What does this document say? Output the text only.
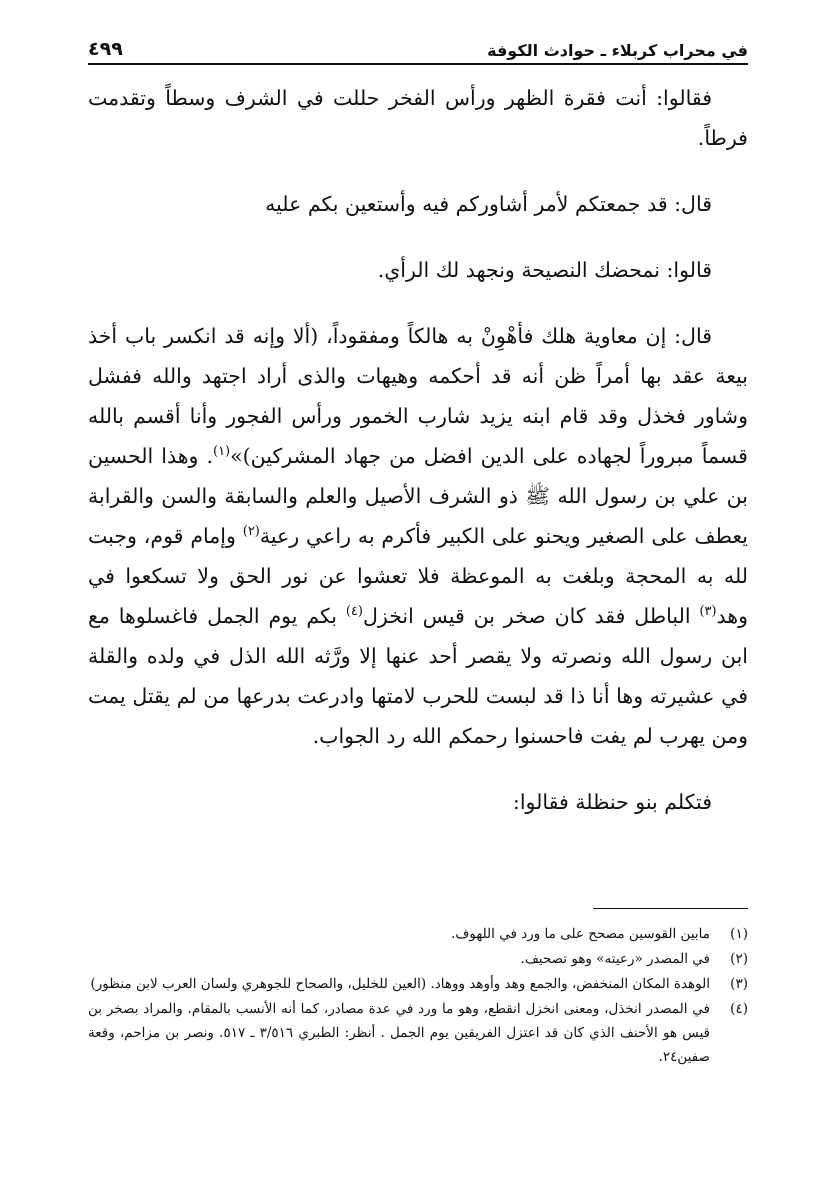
في محراب كربلاء ـ حوادث الكوفة
٤٩٩

فقالوا: أنت فقرة الظهر ورأس الفخر حللت في الشرف وسطاً وتقدمت فرطاً.

قال: قد جمعتكم لأمر أشاوركم فيه وأستعين بكم عليه

قالوا: نمحضك النصيحة ونجهد لك الرأي.

قال: إن معاوية هلك فأهْوِنْ به هالكاً ومفقوداً، (ألا وإنه قد انكسر باب أخذ بيعة عقد بها أمراً ظن أنه قد أحكمه وهيهات والذى أراد اجتهد والله ففشل وشاور فخذل وقد قام ابنه يزيد شارب الخمور ورأس الفجور وأنا أقسم بالله قسماً مبروراً لجهاده على الدين افضل من جهاد المشركين)»$^{(١)}$. وهذا الحسين بن علي بن رسول الله ﷺ ذو الشرف الأصيل والعلم والسابقة والسن والقرابة يعطف على الصغير ويحنو على الكبير فأكرم به راعي رعية$^{(٢)}$ وإمام قوم، وجبت لله به المحجة وبلغت به الموعظة فلا تعشوا عن نور الحق ولا تسكعوا في وهد$^{(٣)}$ الباطل فقد كان صخر بن قيس انخزل$^{(٤)}$ بكم يوم الجمل فاغسلوها مع ابن رسول الله ونصرته ولا يقصر أحد عنها إلا ورَّثه الله الذل في ولده والقلة في عشيرته وها أنا ذا قد لبست للحرب لامتها وادرعت بدرعها من لم يقتل يمت ومن يهرب لم يفت فاحسنوا رحمكم الله رد الجواب.

فتكلم بنو حنظلة فقالوا:

(١)
مابين القوسين مصحح على ما ورد في اللهوف.
(٢)
في المصدر «رعيته» وهو تصحيف.
(٣)
الوهدة المكان المنخفض، والجمع وهد وأوهد ووهاد. (العين للخليل، والصحاح للجوهري ولسان العرب لابن منظور)
(٤)
في المصدر انخذل، ومعنى انخزل انقطع، وهو ما ورد في عدة مصادر، كما أنه الأنسب بالمقام. والمراد بصخر بن قيس هو الأحنف الذي كان قد اعتزل الفريقين يوم الجمل . أنظر: الطبري ٣/٥١٦ ـ ٥١٧. ونصر بن مزاحم، وقعة صفين٢٤.
